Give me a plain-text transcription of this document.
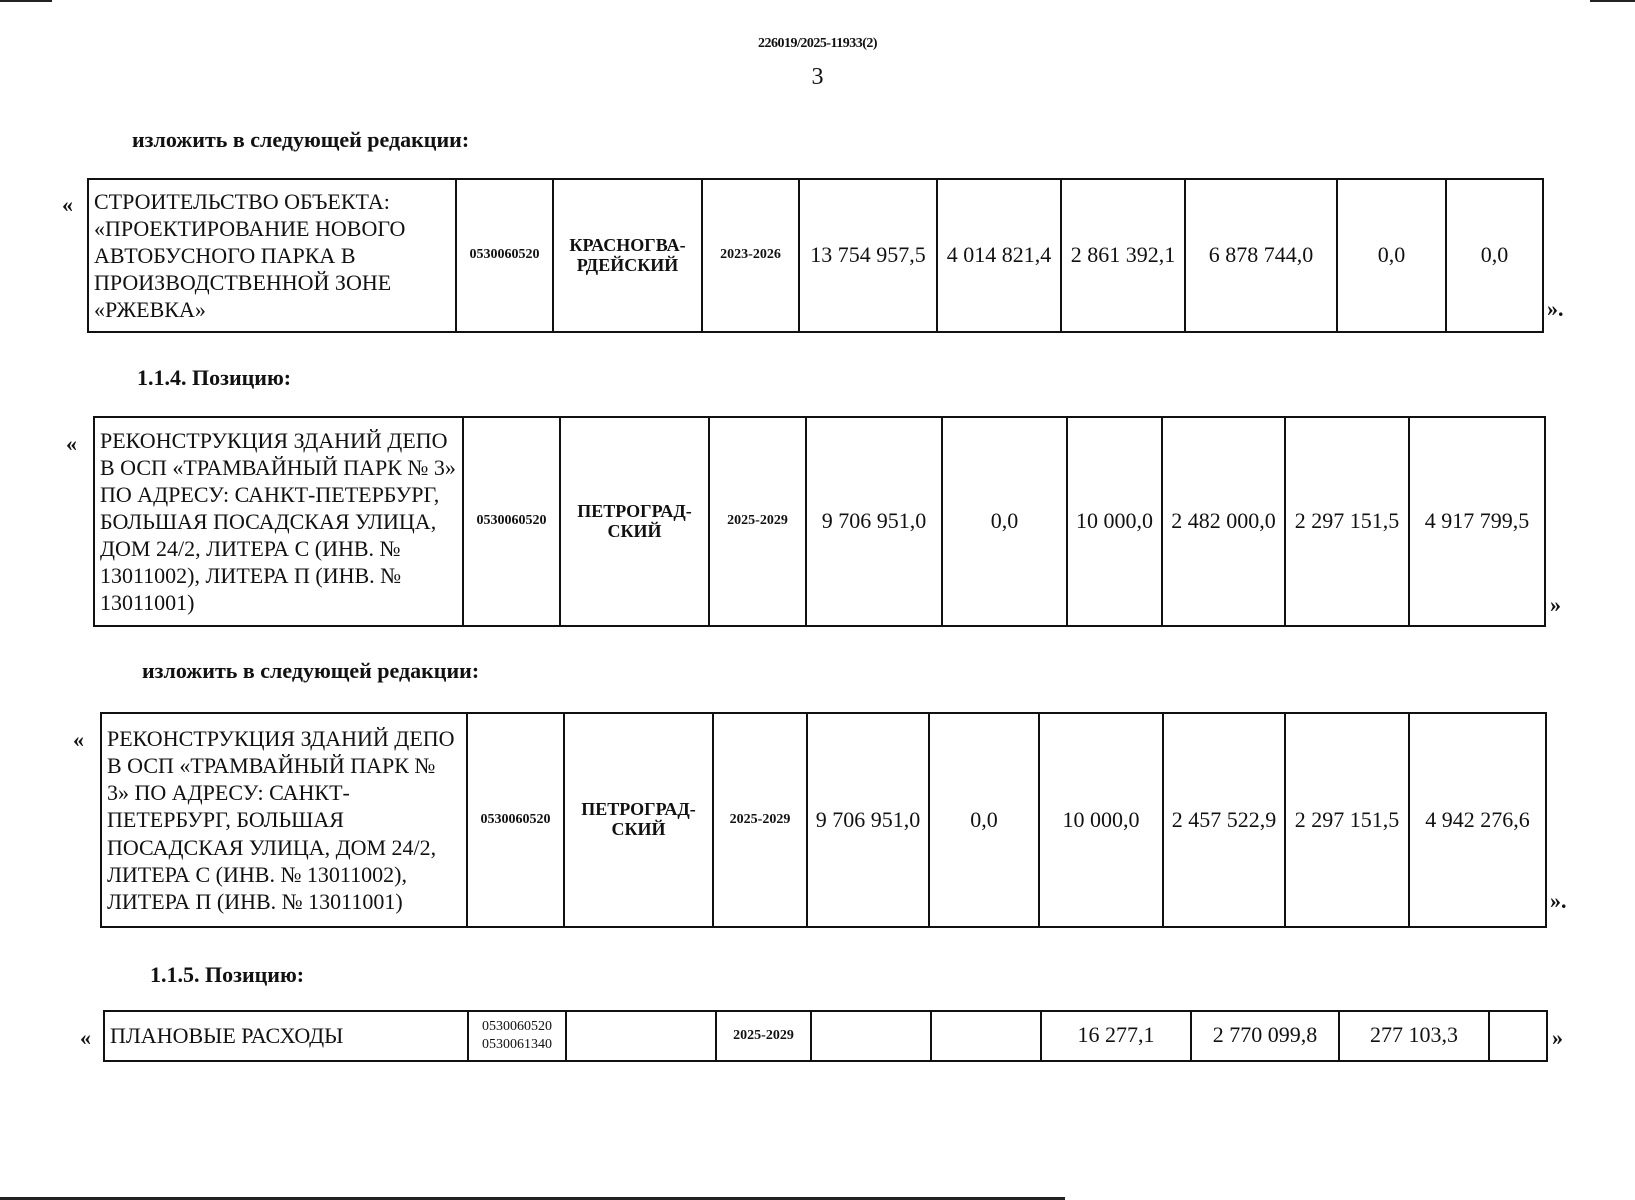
226019/2025-11933(2)
3
изложить в следующей редакции:
« СТРОИТЕЛЬСТВО ОБЪЕКТА: «ПРОЕКТИРОВАНИЕ НОВОГО АВТОБУСНОГО ПАРКА В ПРОИЗВОДСТВЕННОЙ ЗОНЕ «РЖЕВКА»	0530060520	КРАСНОГВА-РДЕЙСКИЙ	2023-2026	13 754 957,5	4 014 821,4	2 861 392,1	6 878 744,0	0,0	0,0
».
1.1.4. Позицию:
« РЕКОНСТРУКЦИЯ ЗДАНИЙ ДЕПО В ОСП «ТРАМВАЙНЫЙ ПАРК № 3» ПО АДРЕСУ: САНКТ-ПЕТЕРБУРГ, БОЛЬШАЯ ПОСАДСКАЯ УЛИЦА, ДОМ 24/2, ЛИТЕРА С (ИНВ. № 13011002), ЛИТЕРА П (ИНВ. № 13011001)	0530060520	ПЕТРОГРАД-СКИЙ	2025-2029	9 706 951,0	0,0	10 000,0	2 482 000,0	2 297 151,5	4 917 799,5
»
изложить в следующей редакции:
« РЕКОНСТРУКЦИЯ ЗДАНИЙ ДЕПО В ОСП «ТРАМВАЙНЫЙ ПАРК № 3» ПО АДРЕСУ: САНКТ-ПЕТЕРБУРГ, БОЛЬШАЯ ПОСАДСКАЯ УЛИЦА, ДОМ 24/2, ЛИТЕРА С (ИНВ. № 13011002), ЛИТЕРА П (ИНВ. № 13011001)	0530060520	ПЕТРОГРАД-СКИЙ	2025-2029	9 706 951,0	0,0	10 000,0	2 457 522,9	2 297 151,5	4 942 276,6
».
1.1.5. Позицию:
« ПЛАНОВЫЕ РАСХОДЫ	0530060520
0530061340
		2025-2029			16 277,1	2 770 099,8	277 103,3		»
